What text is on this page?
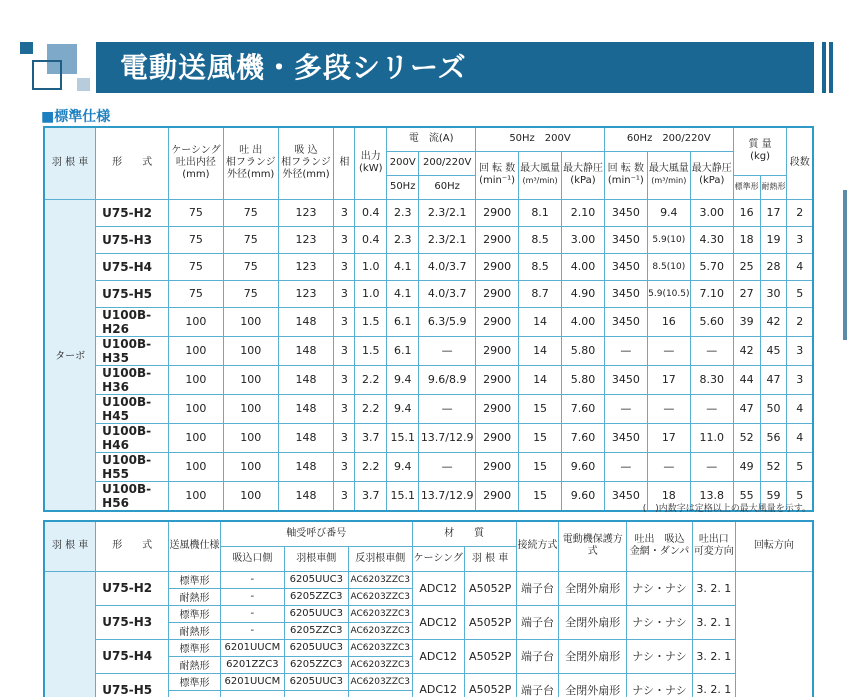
電動送風機・多段シリーズ
■標準仕様
羽 根 車	形　　式	
ケーシング
吐出内径
(mm)

吐 出
相フランジ
外径(mm)

吸 込
相フランジ
外径(mm)
	相	
出力
(kW)
	電　流(A)	50Hz　200V	60Hz　200/220V	
質 量
(kg)
	段数
200V	200/220V	
回 転 数
(min⁻¹)

最大風量
(m³/min)

最大静圧
(kPa)

回 転 数
(min⁻¹)

最大風量
(m³/min)

最大静圧
(kPa)

							50Hz	60Hz							標準形	耐熱形	
ターボ	U75-H2	75	75	123	3	0.4	2.3	2.3/2.1	2900	8.1	2.10	3450	9.4	3.00	16	17	2
	U75-H3	75	75	123	3	0.4	2.3	2.3/2.1	2900	8.5	3.00	3450	5.9(10)	4.30	18	19	3
	U75-H4	75	75	123	3	1.0	4.1	4.0/3.7	2900	8.5	4.00	3450	8.5(10)	5.70	25	28	4
	U75-H5	75	75	123	3	1.0	4.1	4.0/3.7	2900	8.7	4.90	3450	5.9(10.5)	7.10	27	30	5
	U100B-H26	100	100	148	3	1.5	6.1	6.3/5.9	2900	14	4.00	3450	16	5.60	39	42	2
	U100B-H35	100	100	148	3	1.5	6.1	—	2900	14	5.80	—	—	—	42	45	3
	U100B-H36	100	100	148	3	2.2	9.4	9.6/8.9	2900	14	5.80	3450	17	8.30	44	47	3
	U100B-H45	100	100	148	3	2.2	9.4	—	2900	15	7.60	—	—	—	47	50	4
	U100B-H46	100	100	148	3	3.7	15.1	13.7/12.9	2900	15	7.60	3450	17	11.0	52	56	4
	U100B-H55	100	100	148	3	2.2	9.4	—	2900	15	9.60	—	—	—	49	52	5
	U100B-H56	100	100	148	3	3.7	15.1	13.7/12.9	2900	15	9.60	3450	18	13.8	55	59	5
(　)内数字は定格以上の最大風量を示す。
羽 根 車	形　　式	送風機仕様	軸受呼び番号	材　　質	接続方式	電動機保護方式	
吐出　 吸込
金網・ダンパ

吐出口
可変方向
	回転方向
			吸込口側	羽根車側	反羽根車側	ケーシング	羽 根 車					
	U75-H2	標準形	-	6205UUC3	AC6203ZZC3	ADC12	A5052P	端子台	全閉外扇形	ナシ・ナシ	3. 2. 1	
		耐熱形	-	6205ZZC3	AC6203ZZC3							
	U75-H3	標準形	-	6205UUC3	AC6203ZZC3	ADC12	A5052P	端子台	全閉外扇形	ナシ・ナシ	3. 2. 1	
		耐熱形	-	6205ZZC3	AC6203ZZC3							
	U75-H4	標準形	6201UUCM	6205UUC3	AC6203ZZC3	ADC12	A5052P	端子台	全閉外扇形	ナシ・ナシ	3. 2. 1	
		耐熱形	6201ZZC3	6205ZZC3	AC6203ZZC3							
	U75-H5	標準形	6201UUCM	6205UUC3	AC6203ZZC3	ADC12	A5052P	端子台	全閉外扇形	ナシ・ナシ	3. 2. 1	
